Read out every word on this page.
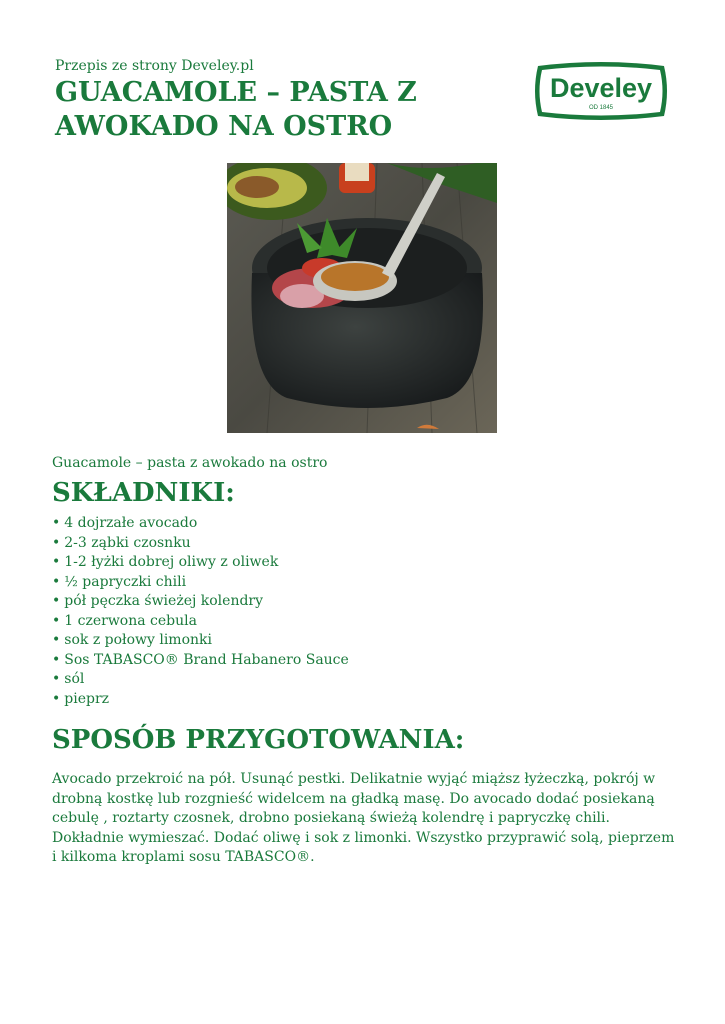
Przepis ze strony Develey.pl
GUACAMOLE – PASTA Z
AWOKADO NA OSTRO
Develey
OD 1845
Guacamole – pasta z awokado na ostro
SKŁADNIKI:
• 4 dojrzałe avocado
• 2-3 ząbki czosnku
• 1-2 łyżki dobrej oliwy z oliwek
• ½ papryczki chili
• pół pęczka świeżej kolendry
• 1 czerwona cebula
• sok z połowy limonki
• Sos TABASCO® Brand Habanero Sauce
• sól
• pieprz
SPOSÓB PRZYGOTOWANIA:

Avocado przekroić na pół. Usunąć pestki. Delikatnie wyjąć miąższ łyżeczką, pokrój w drobną kostkę lub rozgnieść widelcem na gładką masę. Do avocado dodać posiekaną cebulę , roztarty czosnek, drobno posiekaną świeżą kolendrę i papryczkę chili. Dokładnie wymieszać. Dodać oliwę i sok z limonki. Wszystko przyprawić solą, pieprzem i kilkoma kroplami sosu TABASCO®.
